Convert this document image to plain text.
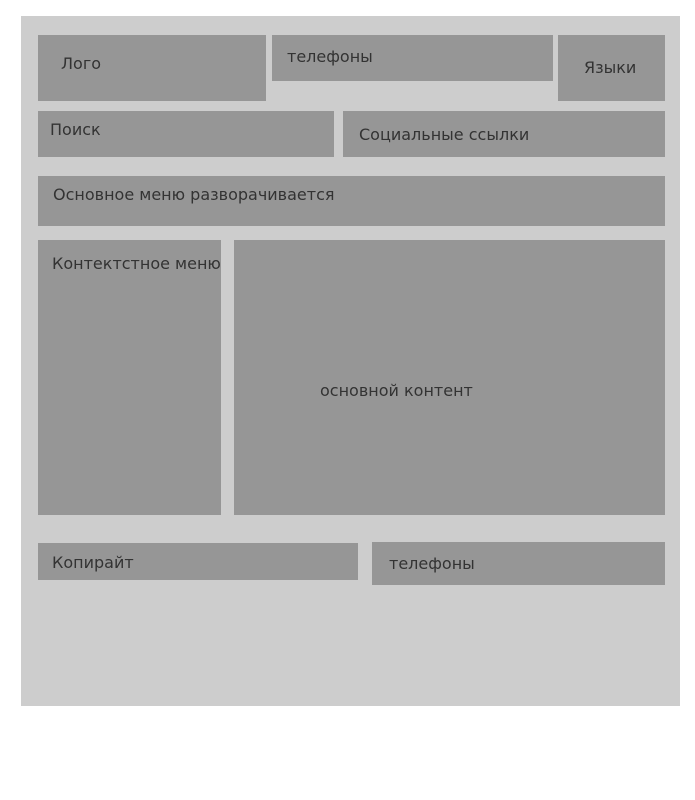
Лого	телефоны
Языки
Поиск	Социальные ссылки
Основное меню разворачивается
Контектстное меню
основной контент
Копирайт	телефоны
